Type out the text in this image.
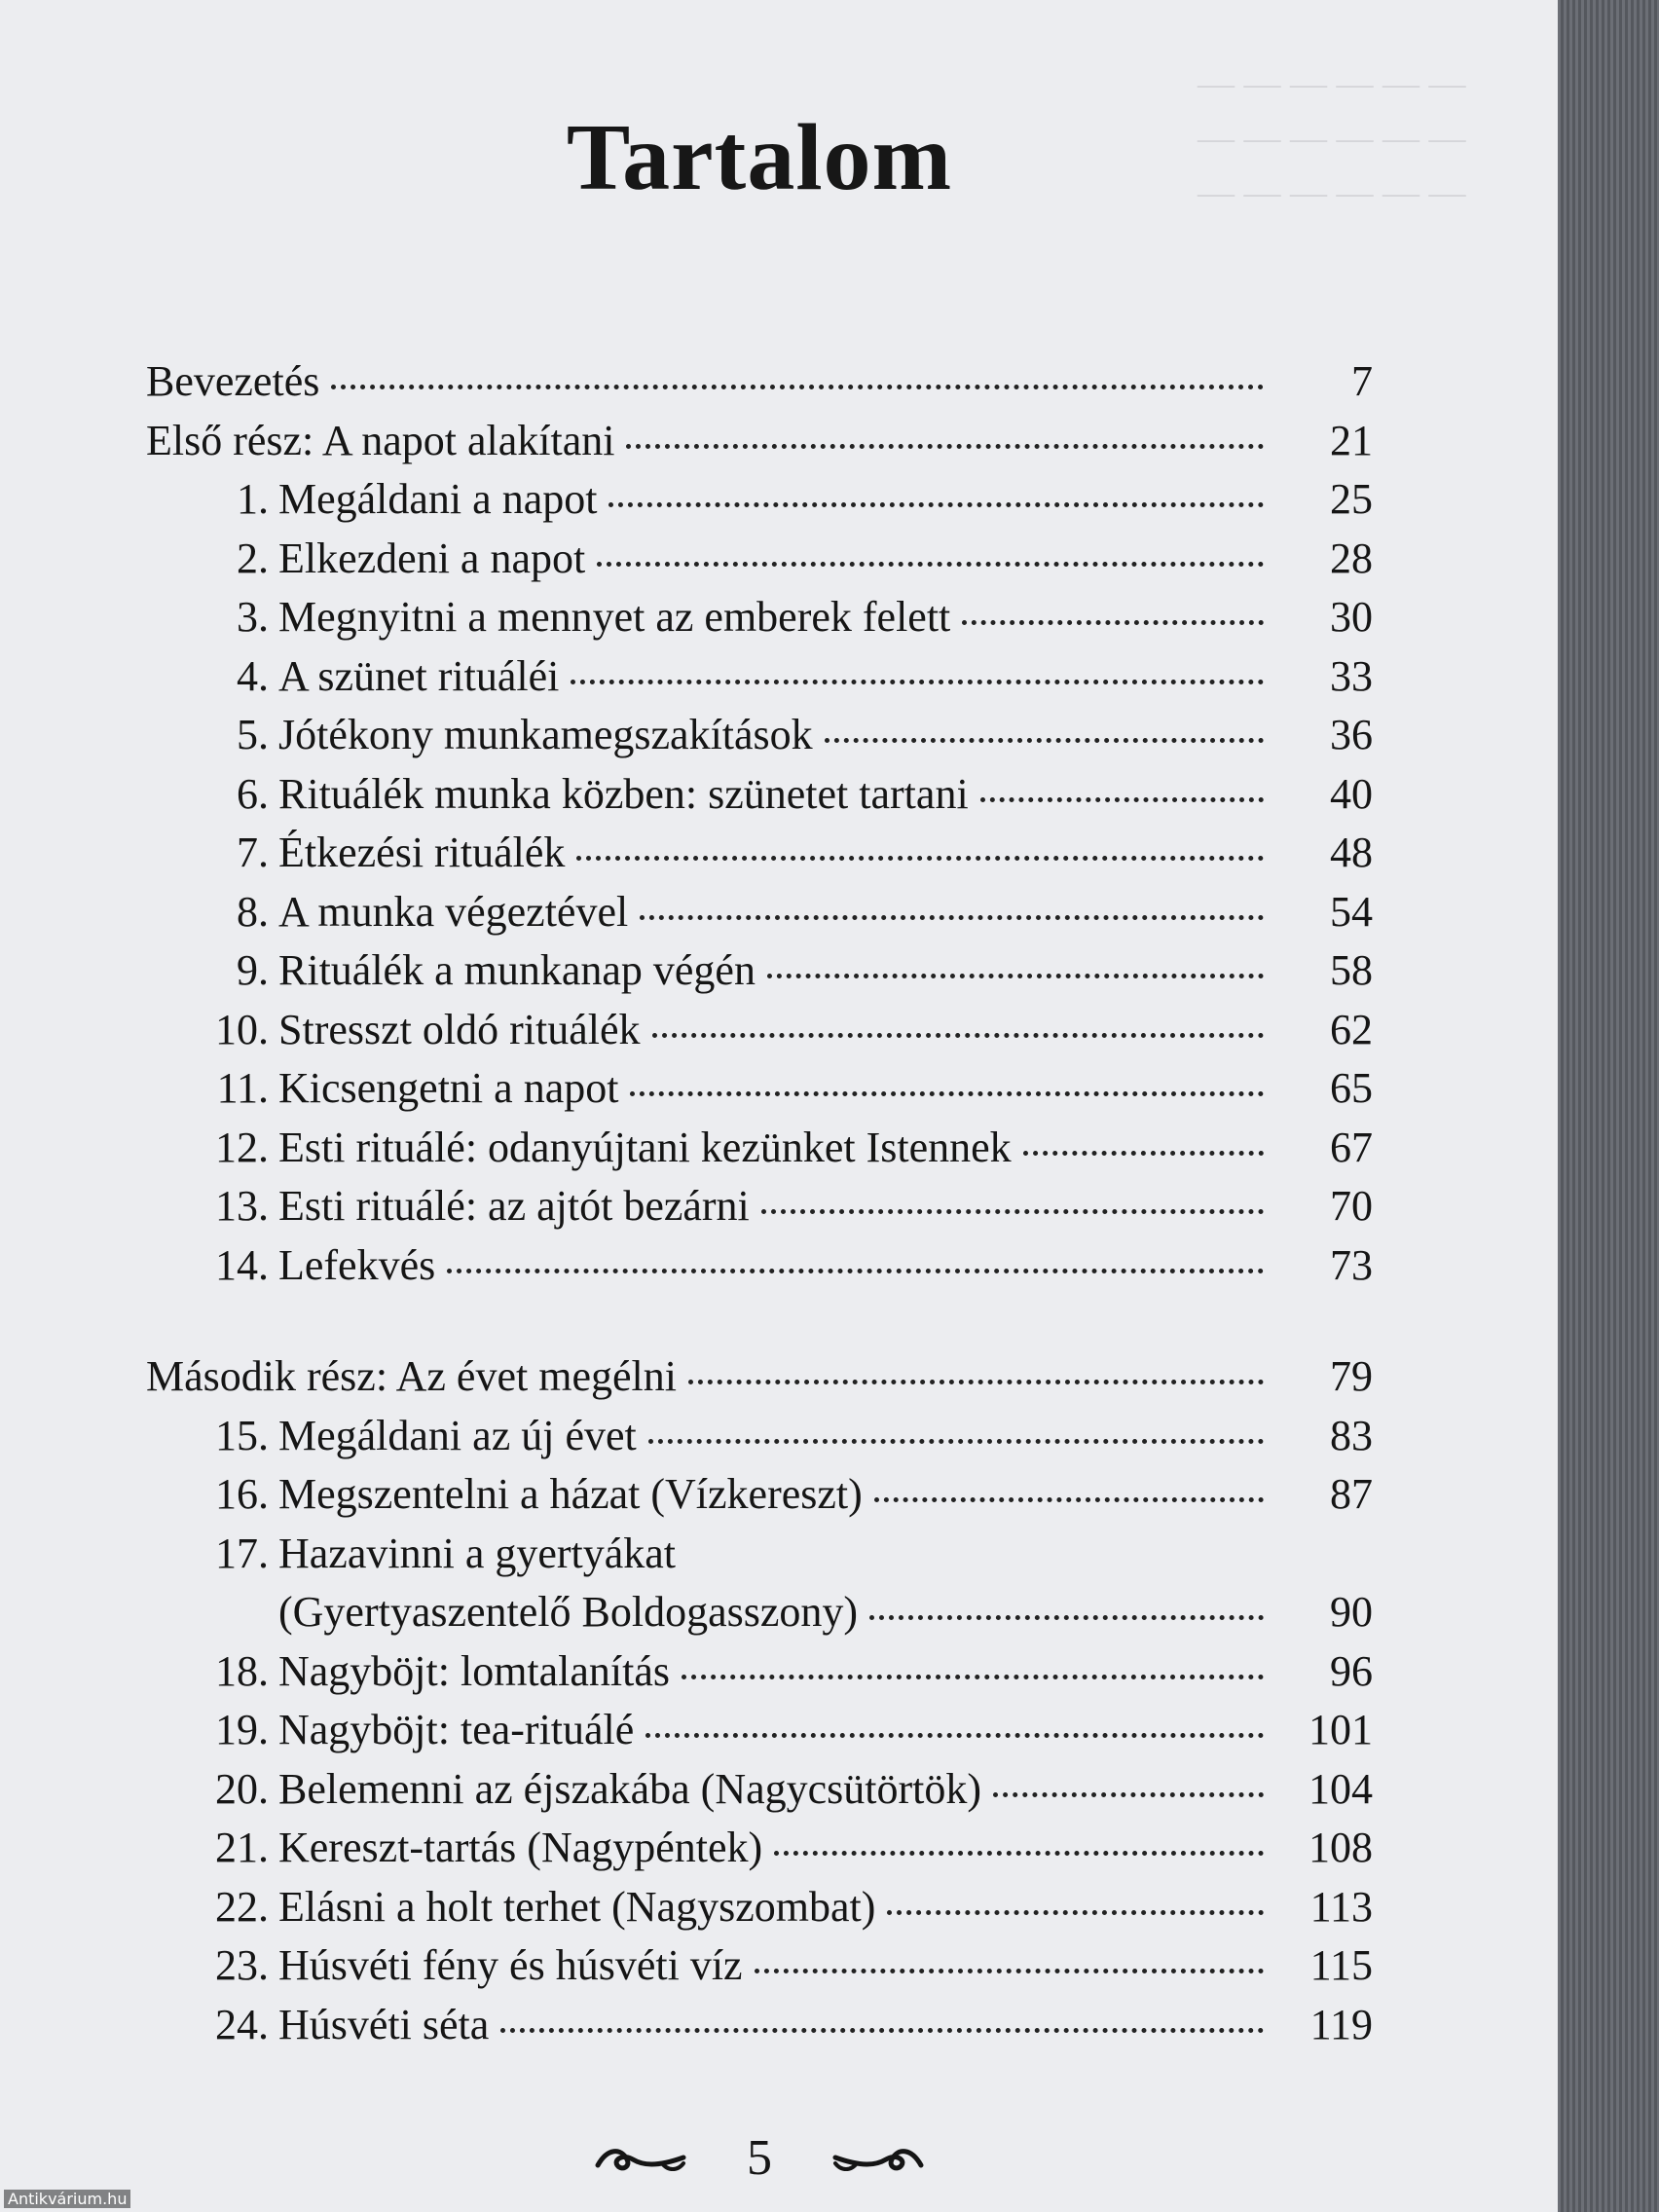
— — — — — —
— — — — — —
— — — — — —
Tartalom
Bevezetés	7
Első rész: A napot alakítani	21
1. Megáldani a napot	25
2. Elkezdeni a napot	28
3. Megnyitni a mennyet az emberek felett	30
4. A szünet rituáléi	33
5. Jótékony munkamegszakítások	36
6. Rituálék munka közben: szünetet tartani	40
7. Étkezési rituálék	48
8. A munka végeztével	54
9. Rituálék a munkanap végén	58
10. Stresszt oldó rituálék	62
11. Kicsengetni a napot	65
12. Esti rituálé: odanyújtani kezünket Istennek	67
13. Esti rituálé: az ajtót bezárni	70
14. Lefekvés	73
Második rész: Az évet megélni	79
15. Megáldani az új évet	83
16. Megszentelni a házat (Vízkereszt)	87
17. Hazavinni a gyertyákat
(Gyertyaszentelő Boldogasszony)	90
18. Nagyböjt: lomtalanítás	96
19. Nagyböjt: tea-rituálé	101
20. Belemenni az éjszakába (Nagycsütörtök)	104
21. Kereszt-tartás (Nagypéntek)	108
22. Elásni a holt terhet (Nagyszombat)	113
23. Húsvéti fény és húsvéti víz	115
24. Húsvéti séta	119
5
Antikvárium.hu
